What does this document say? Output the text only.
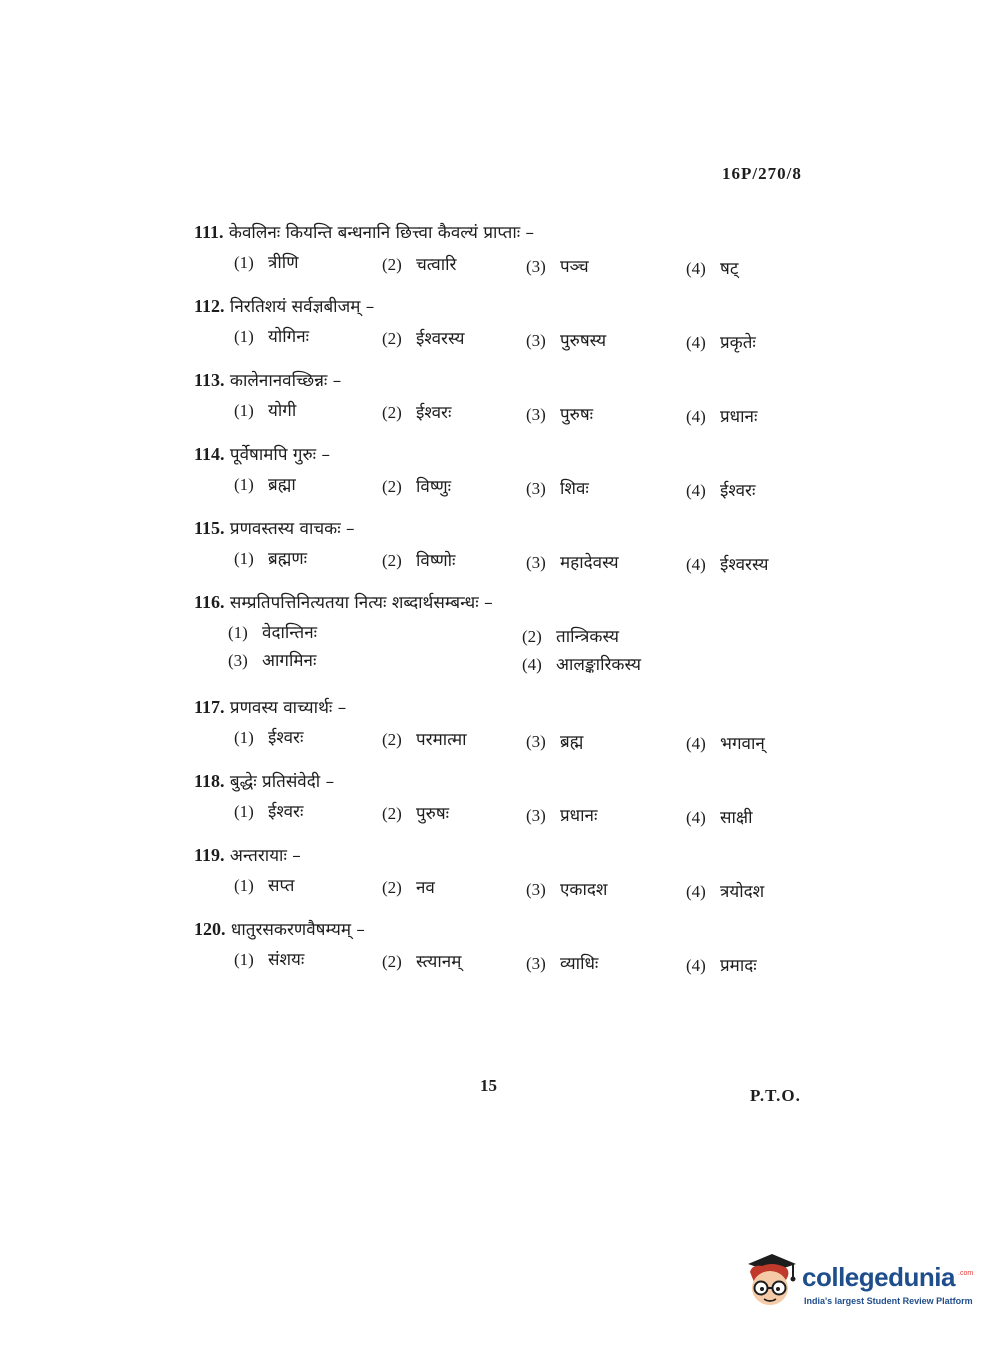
16P/270/8
111. केवलिनः कियन्ति बन्धनानि छित्त्वा कैवल्यं प्राप्ताः –
(1) त्रीणि	(2) चत्वारि	(3) पञ्च	(4) षट्
112. निरतिशयं सर्वज्ञबीजम् –
(1) योगिनः	(2) ईश्वरस्य	(3) पुरुषस्य	(4) प्रकृतेः
113. कालेनानवच्छिन्नः –
(1) योगी	(2) ईश्वरः	(3) पुरुषः	(4) प्रधानः
114. पूर्वेषामपि गुरुः –
(1) ब्रह्मा	(2) विष्णुः	(3) शिवः	(4) ईश्वरः
115. प्रणवस्तस्य वाचकः –
(1) ब्रह्मणः	(2) विष्णोः	(3) महादेवस्य	(4) ईश्वरस्य
116. सम्प्रतिपत्तिनित्यतया नित्यः शब्दार्थसम्बन्धः –
(1) वेदान्तिनः	(2) तान्त्रिकस्य
(3) आगमिनः	(4) आलङ्कारिकस्य
117. प्रणवस्य वाच्यार्थः –
(1) ईश्वरः	(2) परमात्मा	(3) ब्रह्म	(4) भगवान्
118. बुद्धेः प्रतिसंवेदी –
(1) ईश्वरः	(2) पुरुषः	(3) प्रधानः	(4) साक्षी
119. अन्तरायाः –
(1) सप्त	(2) नव	(3) एकादश	(4) त्रयोदश
120. धातुरसकरणवैषम्यम् –
(1) संशयः	(2) स्त्यानम्	(3) व्याधिः	(4) प्रमादः
15
P.T.O.
collegedunia .com
India's largest Student Review Platform
